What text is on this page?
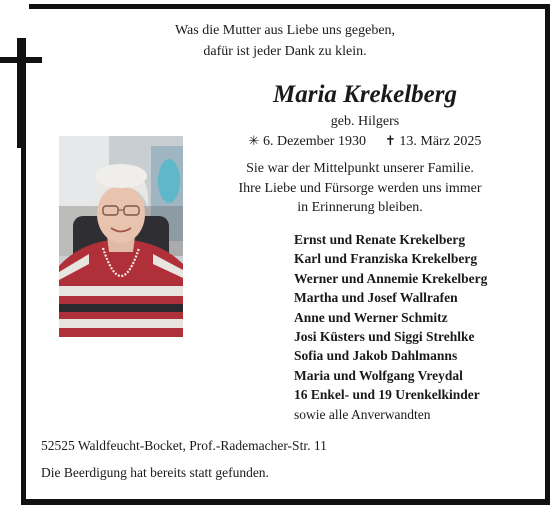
Was die Mutter aus Liebe uns gegeben,
dafür ist jeder Dank zu klein.
Maria Krekelberg
geb. Hilgers
✳ 6. Dezember 1930 ✝ 13. März 2025
Sie war der Mittelpunkt unserer Familie.
Ihre Liebe und Fürsorge werden uns immer
in Erinnerung bleiben.
Ernst und Renate Krekelberg
Karl und Franziska Krekelberg
Werner und Annemie Krekelberg
Martha und Josef Wallrafen
Anne und Werner Schmitz
Josi Küsters und Siggi Strehlke
Sofia und Jakob Dahlmanns
Maria und Wolfgang Vreydal
16 Enkel- und 19 Urenkelkinder
sowie alle Anverwandten
52525 Waldfeucht-Bocket, Prof.-Rademacher-Str. 11
Die Beerdigung hat bereits statt gefunden.
